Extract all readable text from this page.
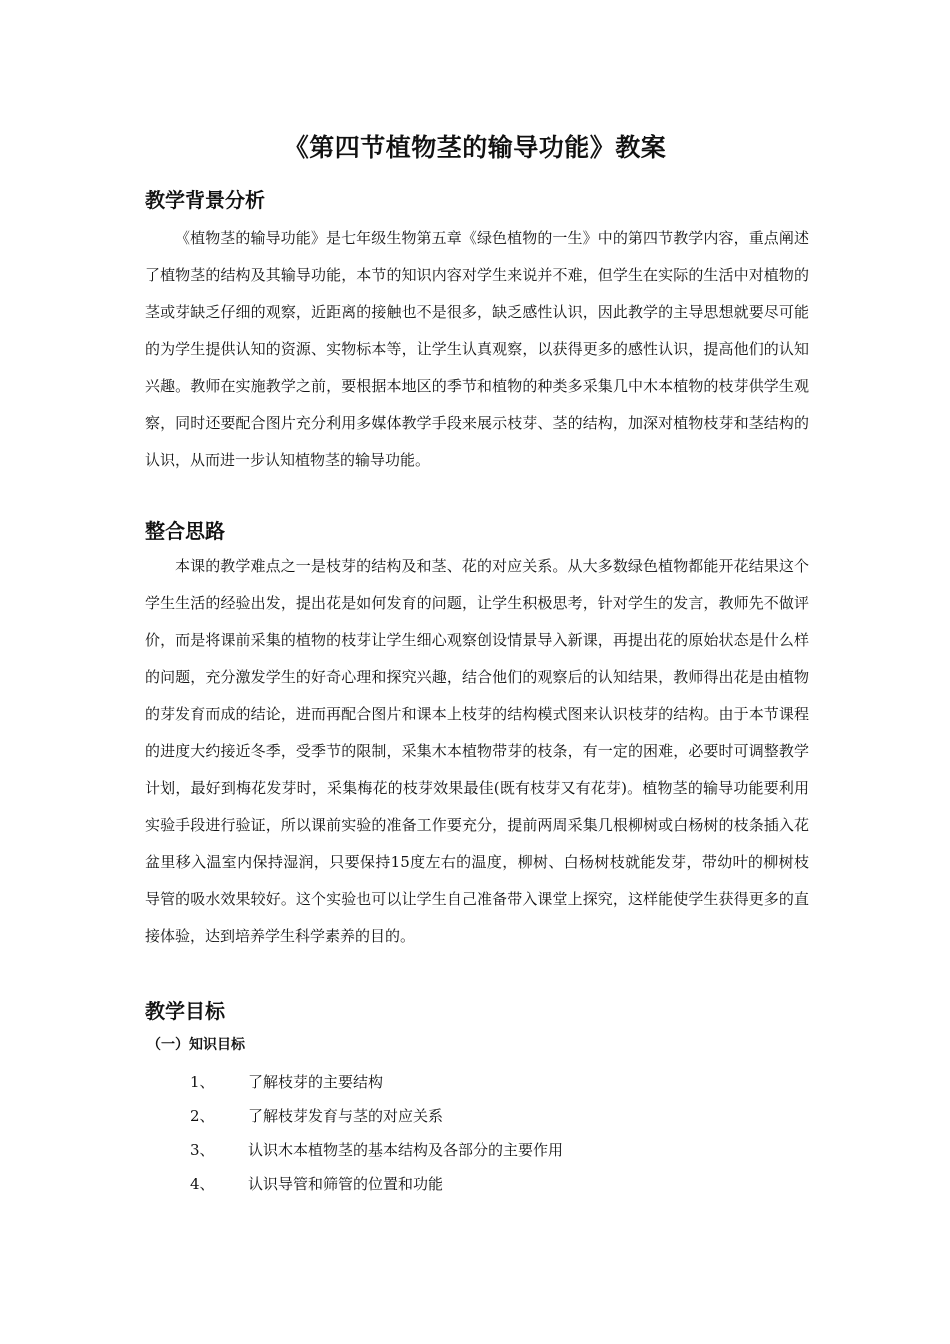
《第四节植物茎的输导功能》教案
教学背景分析

《植物茎的输导功能》是七年级生物第五章《绿色植物的一生》中的第四节教学内容，重点阐述了植物茎的结构及其输导功能，本节的知识内容对学生来说并不难，但学生在实际的生活中对植物的茎或芽缺乏仔细的观察，近距离的接触也不是很多，缺乏感性认识，因此教学的主导思想就要尽可能的为学生提供认知的资源、实物标本等，让学生认真观察，以获得更多的感性认识，提高他们的认知兴趣。教师在实施教学之前，要根据本地区的季节和植物的种类多采集几中木本植物的枝芽供学生观察，同时还要配合图片充分利用多媒体教学手段来展示枝芽、茎的结构，加深对植物枝芽和茎结构的认识，从而进一步认知植物茎的输导功能。

整合思路

本课的教学难点之一是枝芽的结构及和茎、花的对应关系。从大多数绿色植物都能开花结果这个学生生活的经验出发，提出花是如何发育的问题，让学生积极思考，针对学生的发言，教师先不做评价，而是将课前采集的植物的枝芽让学生细心观察创设情景导入新课，再提出花的原始状态是什么样的问题，充分激发学生的好奇心理和探究兴趣，结合他们的观察后的认知结果，教师得出花是由植物的芽发育而成的结论，进而再配合图片和课本上枝芽的结构模式图来认识枝芽的结构。由于本节课程的进度大约接近冬季，受季节的限制，采集木本植物带芽的枝条，有一定的困难，必要时可调整教学计划，最好到梅花发芽时，采集梅花的枝芽效果最佳(既有枝芽又有花芽)。植物茎的输导功能要利用实验手段进行验证，所以课前实验的准备工作要充分，提前两周采集几根柳树或白杨树的枝条插入花盆里移入温室内保持湿润，只要保持15度左右的温度，柳树、白杨树枝就能发芽，带幼叶的柳树枝导管的吸水效果较好。这个实验也可以让学生自己准备带入课堂上探究，这样能使学生获得更多的直接体验，达到培养学生科学素养的目的。

教学目标
（一）知识目标
1、 了解枝芽的主要结构
2、 了解枝芽发育与茎的对应关系
3、 认识木本植物茎的基本结构及各部分的主要作用
4、 认识导管和筛管的位置和功能
